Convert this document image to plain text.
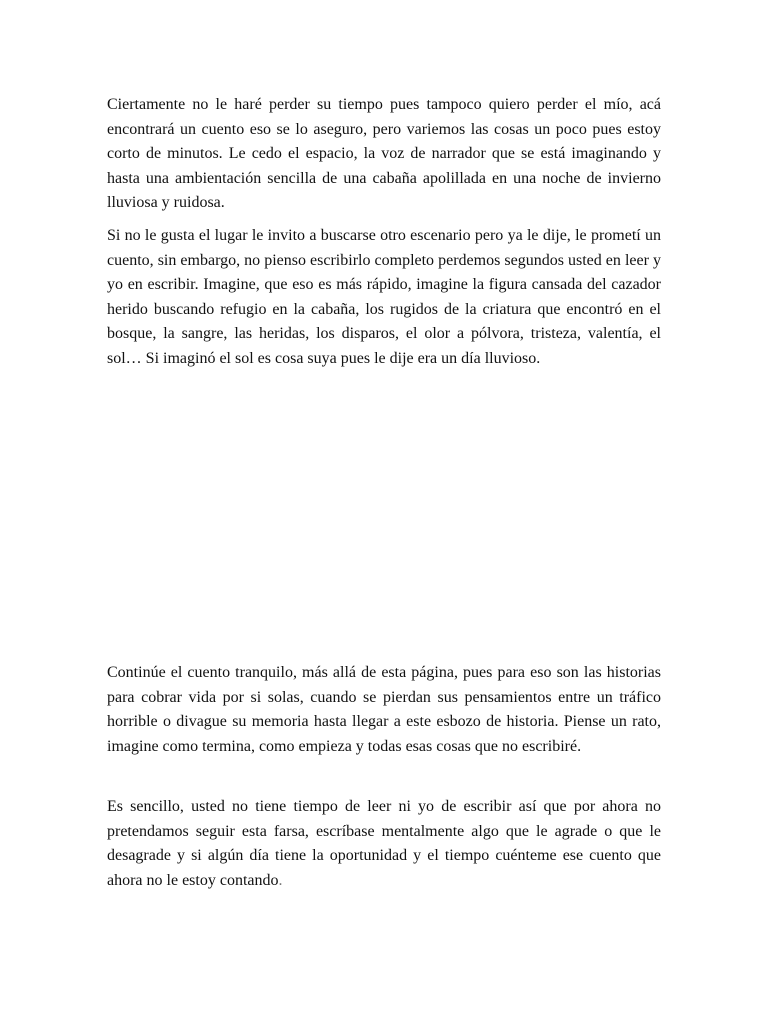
Ciertamente no le haré perder su tiempo pues tampoco quiero perder el mío, acá encontrará un cuento eso se lo aseguro, pero variemos las cosas un poco pues estoy corto de minutos. Le cedo el espacio, la voz de narrador que se está imaginando y hasta una ambientación sencilla de una cabaña apolillada en una noche de invierno lluviosa y ruidosa.

Si no le gusta el lugar le invito a buscarse otro escenario pero ya le dije, le prometí un cuento, sin embargo, no pienso escribirlo completo perdemos segundos usted en leer y yo en escribir. Imagine, que eso es más rápido, imagine la figura cansada del cazador herido buscando refugio en la cabaña, los rugidos de la criatura que encontró en el bosque, la sangre, las heridas, los disparos, el olor a pólvora, tristeza, valentía, el sol… Si imaginó el sol es cosa suya pues le dije era un día lluvioso.

Continúe el cuento tranquilo, más allá de esta página, pues para eso son las historias para cobrar vida por si solas, cuando se pierdan sus pensamientos entre un tráfico horrible o divague su memoria hasta llegar a este esbozo de historia. Piense un rato, imagine como termina, como empieza y todas esas cosas que no escribiré.

Es sencillo, usted no tiene tiempo de leer ni yo de escribir así que por ahora no pretendamos seguir esta farsa, escríbase mentalmente algo que le agrade o que le desagrade y si algún día tiene la oportunidad y el tiempo cuénteme ese cuento que ahora no le estoy contando.
